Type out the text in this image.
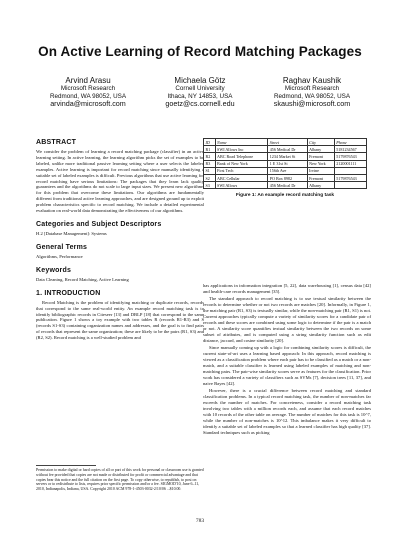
On Active Learning of Record Matching Packages
Arvind Arasu
Microsoft Research
Redmond, WA 98052, USA
arvinda@microsoft.com
Michaela Götz
Cornell University
Ithaca, NY 14853, USA
goetz@cs.cornell.edu
Raghav Kaushik
Microsoft Research
Redmond, WA 98052, USA
skaushi@microsoft.com
ABSTRACT

We consider the problem of learning a record matching package (classifier) in an active learning setting. In active learning, the learning algorithm picks the set of examples to be labeled, unlike more traditional passive learning setting where a user selects the labeled examples. Active learning is important for record matching since manually identifying a suitable set of labeled examples is difficult. Previous algorithms that use active learning for record matching have serious limitations: The packages that they learn lack quality guarantees and the algorithms do not scale to large input sizes. We present new algorithms for this problem that overcome these limitations. Our algorithms are fundamentally different from traditional active learning approaches, and are designed ground up to exploit problem characteristics specific to record matching. We include a detailed experimental evaluation on real-world data demonstrating the effectiveness of our algorithms.

Categories and Subject Descriptors

H.2 [Database Management]: Systems

General Terms

Algorithms, Performance

Keywords

Data Cleaning, Record Matching, Active Learning

1. INTRODUCTION

Record Matching is the problem of identifying matching or duplicate records, records that correspond to the same real-world entity. An example record matching task is to identify bibliographic records in Citeseer [13] and DBLP [18] that correspond to the same publication. Figure 1 shows a toy example with two tables R (records R1-R3) and S (records S1-S3) containing organization names and addresses, and the goal is to find pairs of records that represent the same organization; these are likely to be the pairs (R1, S3) and (R2, S2). Record matching is a well-studied problem and

Permission to make digital or hard copies of all or part of this work for personal or classroom use is granted without fee provided that copies are not made or distributed for profit or commercial advantage and that copies bear this notice and the full citation on the first page. To copy otherwise, to republish, to post on servers or to redistribute to lists, requires prior specific permission and/or a fee. SIGMOD'10, June 6–11, 2010, Indianapolis, Indiana, USA. Copyright 2010 ACM 978-1-4503-0032-2/10/06 ...$10.00.
ID	Name	Street	City	Phone
R1	SWI Allows Inc	456 Medical Dr	Albany	5181234567
R2	ABC Road Telephone	1234 Market St	Fremont	5179876543
R3	Bank of New York	1 E 31st St	New York	2120001111
S1	First Tech	156th Ave	Irvine	
S2	ABC Cellular	PO Box 8982	Fremont	5179876543
S3	SWI Allows	456 Medical Dr	Albany	
Figure 1: An example record matching task

has applications in information integration [5, 22], data warehousing [1], census data [42] and health-care records management [35].

The standard approach to record matching is to use textual similarity between the records to determine whether or not two records are matches [20]. Informally, in Figure 1, the matching pair (R1, S3) is textually similar, while the non-matching pair (R1, S1) is not. Current approaches typically compute a variety of similarity scores for a candidate pair of records and these scores are combined using some logic to determine if the pair is a match or not. A similarity score quantifies textual similarity between the two records on some subset of attributes, and is computed using a string similarity function such as edit distance, jaccard, and cosine similarity [20].

Since manually coming up with a logic for combining similarity scores is difficult, the current state-of-art uses a learning based approach: In this approach, record matching is viewed as a classification problem where each pair has to be classified as a match or a non-match, and a suitable classifier is learned using labeled examples of matching and non-matching pairs. The pair-wise similarity scores serve as features for the classification. Prior work has considered a variety of classifiers such as SVMs [7], decision trees [11, 37], and naive Bayes [42].

However, there is a crucial difference between record matching and standard classification problems. In a typical record matching task, the number of non-matches far exceeds the number of matches. For concreteness, consider a record matching task involving two tables with a million records each, and assume that each record matches with 10 records of the other table on average. The number of matches for this task is 10^7, while the number of non-matches is 10^12. This imbalance makes it very difficult to identify a suitable set of labeled examples so that a learned classifier has high quality [37]. Standard techniques such as picking

783
